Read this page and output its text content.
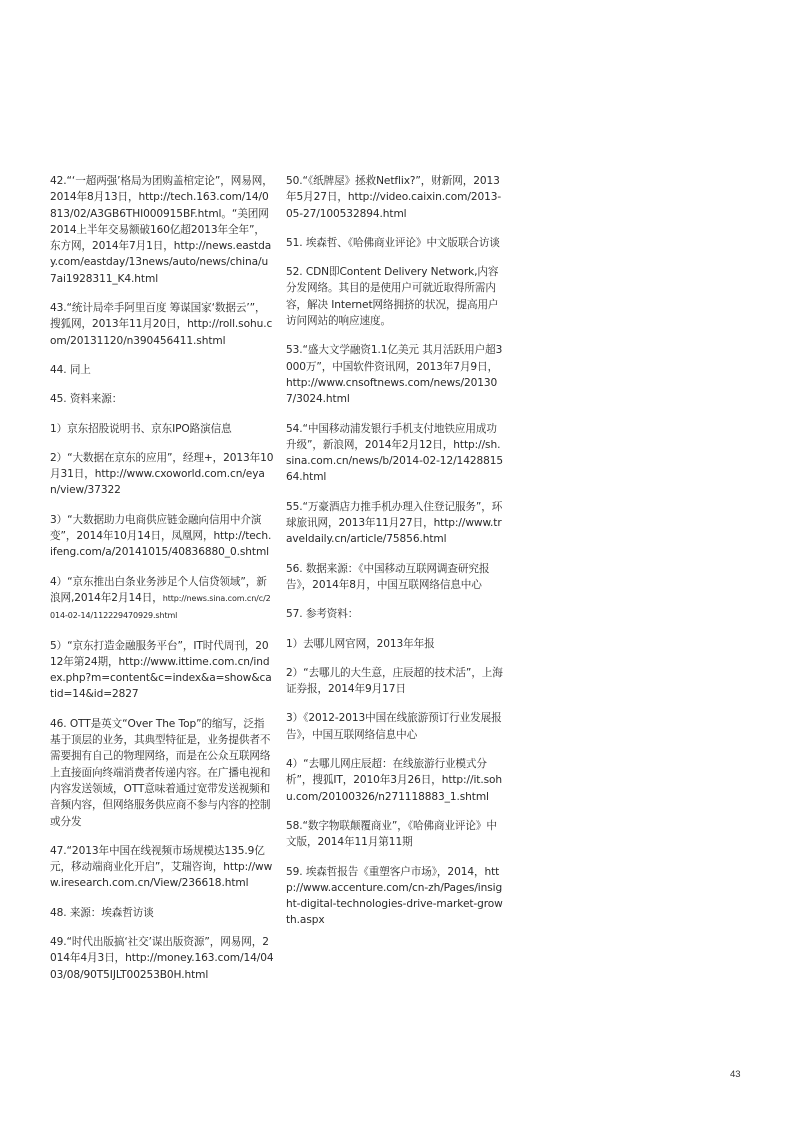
42.“‘一超两强’格局为团购盖棺定论”，网易网，2014年8月13日，http://tech.163.com/14/0813/02/A3GB6THI000915BF.html。“美团网2014上半年交易额破160亿超2013年全年”，东方网，2014年7月1日，http://news.eastday.com/eastday/13news/auto/news/china/u7ai1928311_K4.html

43.“统计局牵手阿里百度 筹谋国家‘数据云’”，搜狐网，2013年11月20日，http://roll.sohu.com/20131120/n390456411.shtml

44. 同上

45. 资料来源：

1）京东招股说明书、京东IPO路演信息

2）“大数据在京东的应用”，经理+，2013年10月31日，http://www.cxoworld.com.cn/eyan/view/37322

3）“大数据助力电商供应链金融向信用中介演变”，2014年10月14日，凤凰网，http://tech.ifeng.com/a/20141015/40836880_0.shtml

4）“京东推出白条业务涉足个人信贷领域”，新浪网,2014年2月14日，http://news.sina.com.cn/c/2014-02-14/112229470929.shtml

5）“京东打造金融服务平台”，IT时代周刊，2012年第24期，http://www.ittime.com.cn/index.php?m=content&c=index&a=show&catid=14&id=2827

46. OTT是英文“Over The Top”的缩写，泛指基于顶层的业务，其典型特征是，业务提供者不需要拥有自己的物理网络，而是在公众互联网络上直接面向终端消费者传递内容。在广播电视和内容发送领域，OTT意味着通过宽带发送视频和音频内容，但网络服务供应商不参与内容的控制或分发

47.“2013年中国在线视频市场规模达135.9亿元，移动端商业化开启”，艾瑞咨询，http://www.iresearch.com.cn/View/236618.html

48. 来源：埃森哲访谈

49.“时代出版搞‘社交’谋出版资源”，网易网，2014年4月3日，http://money.163.com/14/0403/08/90T5IJLT00253B0H.html

50.“《纸牌屋》拯救Netflix?”，财新网，2013年5月27日，http://video.caixin.com/2013-05-27/100532894.html

51. 埃森哲、《哈佛商业评论》中文版联合访谈

52. CDN即Content Delivery Network,内容分发网络。其目的是使用户可就近取得所需内容，解决 Internet网络拥挤的状况，提高用户访问网站的响应速度。

53.“盛大文学融资1.1亿美元 其月活跃用户超3000万”，中国软件资讯网，2013年7月9日，http://www.cnsoftnews.com/news/201307/3024.html

54.“中国移动浦发银行手机支付地铁应用成功升级”，新浪网，2014年2月12日，http://sh.sina.com.cn/news/b/2014-02-12/142881564.html

55.“万豪酒店力推手机办理入住登记服务”，环球旅讯网，2013年11月27日，http://www.traveldaily.cn/article/75856.html

56. 数据来源：《中国移动互联网调查研究报告》，2014年8月，中国互联网络信息中心

57. 参考资料：

1）去哪儿网官网，2013年年报

2）“去哪儿的大生意，庄辰超的技术活”，上海证券报，2014年9月17日

3）《2012-2013中国在线旅游预订行业发展报告》，中国互联网络信息中心

4）“去哪儿网庄辰超：在线旅游行业模式分析”，搜狐IT，2010年3月26日，http://it.sohu.com/20100326/n271118883_1.shtml

58.“数字物联颠覆商业”，《哈佛商业评论》中文版，2014年11月第11期

59. 埃森哲报告《重塑客户市场》，2014，http://www.accenture.com/cn-zh/Pages/insight-digital-technologies-drive-market-growth.aspx

43
